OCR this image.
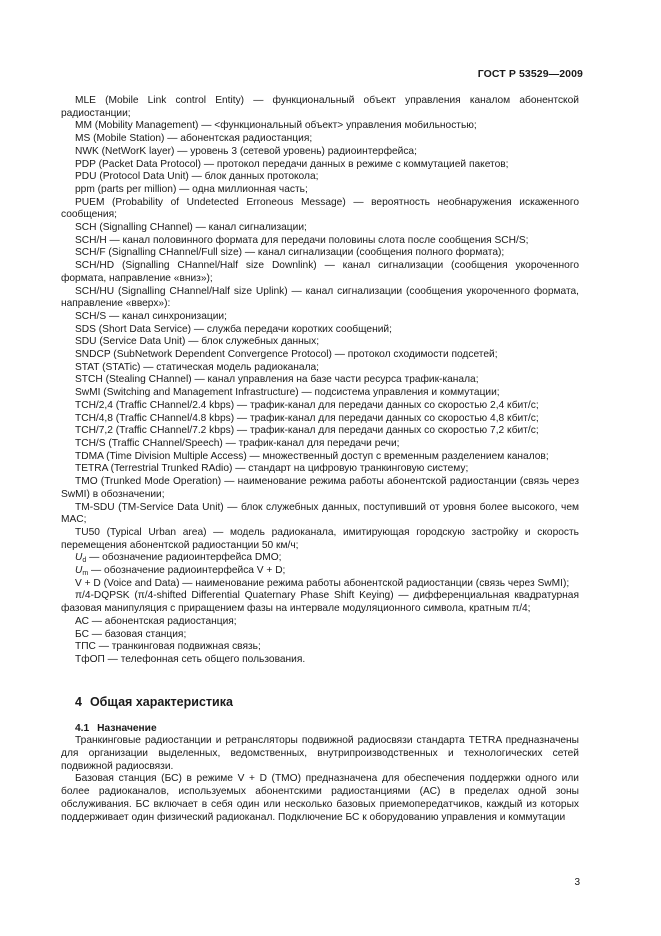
ГОСТ Р 53529—2009

MLE (Mobile Link control Entity) — функциональный объект управления каналом абонентской радиостанции;

MM (Mobility Management) — <функциональный объект> управления мобильностью;

MS (Mobile Station) — абонентская радиостанция;

NWK (NetWorK layer) — уровень 3 (сетевой уровень) радиоинтерфейса;

PDP (Packet Data Protocol) — протокол передачи данных в режиме с коммутацией пакетов;

PDU (Protocol Data Unit) — блок данных протокола;

ppm (parts per million) — одна миллионная часть;

PUEM (Probability of Undetected Erroneous Message) — вероятность необнаружения искаженного сообщения;

SCH (Signalling CHannel) — канал сигнализации;

SCH/H — канал половинного формата для передачи половины слота после сообщения SCH/S;

SCH/F (Signalling CHannel/Full size) — канал сигнализации (сообщения полного формата);

SCH/HD (Signalling CHannel/Half size Downlink) — канал сигнализации (сообщения укороченного формата, направление «вниз»);

SCH/HU (Signalling CHannel/Half size Uplink) — канал сигнализации (сообщения укороченного формата, направление «вверх»):

SCH/S — канал синхронизации;

SDS (Short Data Service) — служба передачи коротких сообщений;

SDU (Service Data Unit) — блок служебных данных;

SNDCP (SubNetwork Dependent Convergence Protocol) — протокол сходимости подсетей;

STAT (STATic) — статическая модель радиоканала;

STCH (Stealing CHannel) — канал управления на базе части ресурса трафик-канала;

SwMI (Switching and Management Infrastructure) — подсистема управления и коммутации;

TCH/2,4 (Traffic CHannel/2.4 kbps) — трафик-канал для передачи данных со скоростью 2,4 кбит/с;

TCH/4,8 (Traffic CHannel/4.8 kbps) — трафик-канал для передачи данных со скоростью 4,8 кбит/с;

TCH/7,2 (Traffic CHannel/7.2 kbps) — трафик-канал для передачи данных со скоростью 7,2 кбит/с;

TCH/S (Traffic CHannel/Speech) — трафик-канал для передачи речи;

TDMA (Time Division Multiple Access) — множественный доступ с временным разделением каналов;

TETRA (Terrestrial Trunked RAdio) — стандарт на цифровую транкинговую систему;

TMO (Trunked Mode Operation) — наименование режима работы абонентской радиостанции (связь через SwMI) в обозначении;

TM-SDU (TM-Service Data Unit) — блок служебных данных, поступивший от уровня более высокого, чем MAC;

TU50 (Typical Urban area) — модель радиоканала, имитирующая городскую застройку и скорость перемещения абонентской радиостанции 50 км/ч;

$U_d$ — обозначение радиоинтерфейса DMO;

$U_m$ — обозначение радиоинтерфейса V + D;

V + D (Voice and Data) — наименование режима работы абонентской радиостанции (связь через SwMI);

π/4-DQPSK (π/4-shifted Differential Quaternary Phase Shift Keying) — дифференциальная квадратурная фазовая манипуляция с приращением фазы на интервале модуляционного символа, кратным π/4;

АС — абонентская радиостанция;

БС — базовая станция;

ТПС — транкинговая подвижная связь;

ТфОП — телефонная сеть общего пользования.

4 Общая характеристика
4.1 Назначение

Транкинговые радиостанции и ретрансляторы подвижной радиосвязи стандарта TETRA предназначены для организации выделенных, ведомственных, внутрипроизводственных и технологических сетей подвижной радиосвязи.

Базовая станция (БС) в режиме V + D (TMO) предназначена для обеспечения поддержки одного или более радиоканалов, используемых абонентскими радиостанциями (АС) в пределах одной зоны обслуживания. БС включает в себя один или несколько базовых приемопередатчиков, каждый из которых поддерживает один физический радиоканал. Подключение БС к оборудованию управления и коммутации

3
